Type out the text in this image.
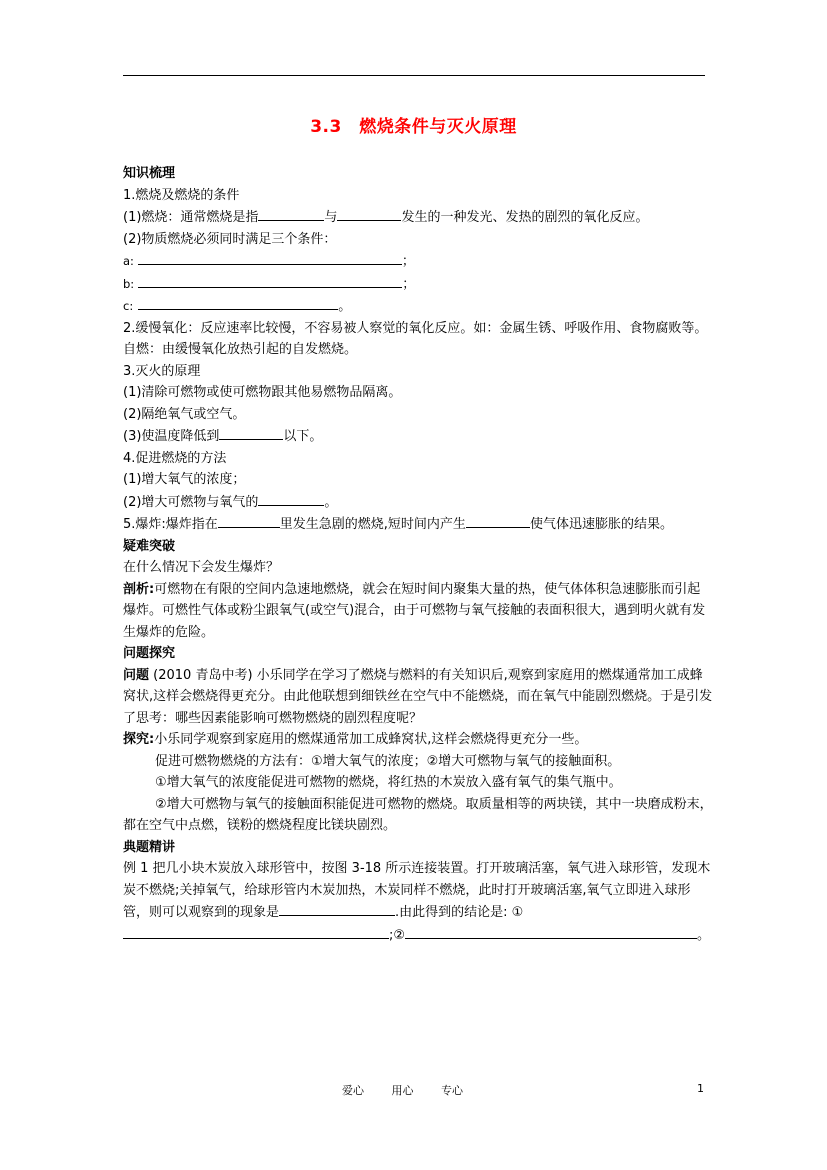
3.3　燃烧条件与灭火原理
知识梳理
1.燃烧及燃烧的条件
(1)燃烧：通常燃烧是指	与	发生的一种发光、发热的剧烈的氧化反应。
(2)物质燃烧必须同时满足三个条件：
a:	；
b:	；
c:	。
2.缓慢氧化：反应速率比较慢，不容易被人察觉的氧化反应。如：金属生锈、呼吸作用、食物腐败等。
自燃：由缓慢氧化放热引起的自发燃烧。
3.灭火的原理
(1)清除可燃物或使可燃物跟其他易燃物品隔离。
(2)隔绝氧气或空气。
(3)使温度降低到	以下。
4.促进燃烧的方法
(1)增大氧气的浓度；
(2)增大可燃物与氧气的	。
5.爆炸:爆炸指在	里发生急剧的燃烧,短时间内产生	使气体迅速膨胀的结果。
疑难突破
在什么情况下会发生爆炸？
剖析:可燃物在有限的空间内急速地燃烧，就会在短时间内聚集大量的热，使气体体积急速膨胀而引起爆炸。可燃性气体或粉尘跟氧气(或空气)混合，由于可燃物与氧气接触的表面积很大，遇到明火就有发生爆炸的危险。
问题探究
问题 (2010 青岛中考) 小乐同学在学习了燃烧与燃料的有关知识后,观察到家庭用的燃煤通常加工成蜂窝状,这样会燃烧得更充分。由此他联想到细铁丝在空气中不能燃烧，而在氧气中能剧烈燃烧。于是引发了思考：哪些因素能影响可燃物燃烧的剧烈程度呢？
探究:小乐同学观察到家庭用的燃煤通常加工成蜂窝状,这样会燃烧得更充分一些。
促进可燃物燃烧的方法有：①增大氧气的浓度；②增大可燃物与氧气的接触面积。
①增大氧气的浓度能促进可燃物的燃烧，将红热的木炭放入盛有氧气的集气瓶中。
②增大可燃物与氧气的接触面积能促进可燃物的燃烧。取质量相等的两块镁，其中一块磨成粉末，都在空气中点燃，镁粉的燃烧程度比镁块剧烈。
典题精讲
例 1 把几小块木炭放入球形管中，按图 3-18 所示连接装置。打开玻璃活塞，氧气进入球形管，发现木炭不燃烧;关掉氧气，给球形管内木炭加热，木炭同样不燃烧，此时打开玻璃活塞,氧气立即进入球形管，则可以观察到的现象是	.由此得到的结论是: ①
;②	。
爱心	用心	专心	1
